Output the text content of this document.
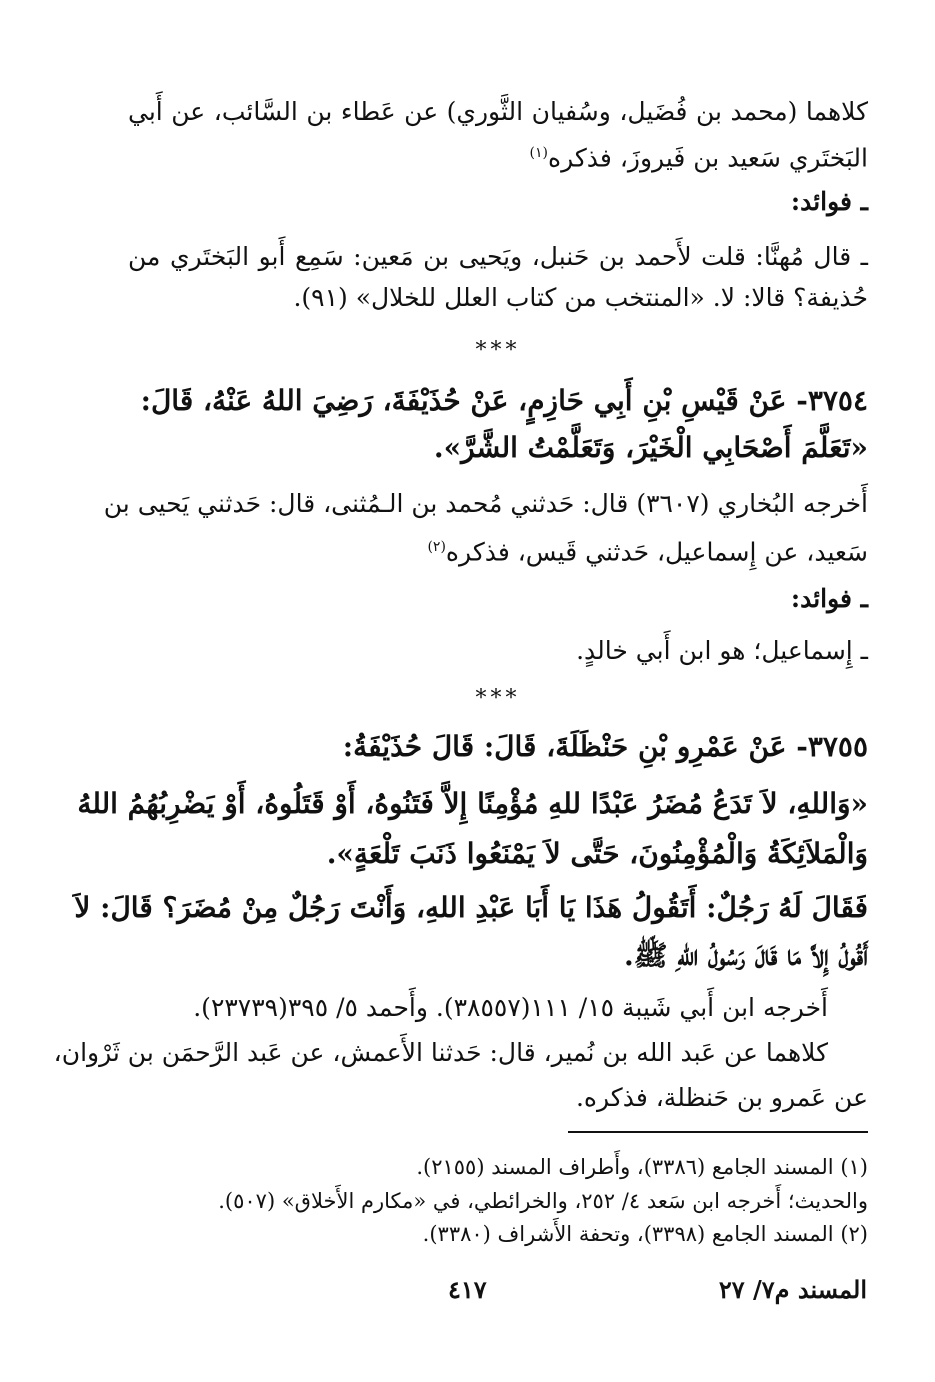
كلاهما (محمد بن فُضَيل، وسُفيان الثَّوري) عن عَطاء بن السَّائب، عن أَبي
البَختَري سَعيد بن فَيروزَ، فذكره$^{(١)}$
ـ فوائد:
ـ قال مُهنَّا: قلت لأَحمد بن حَنبل، ويَحيى بن مَعين: سَمِع أَبو البَختَري من
حُذيفة؟ قالا: لا. «المنتخب من كتاب العلل للخلال» (٩١).
***
٣٧٥٤- عَنْ قَيْسِ بْنِ أَبِي حَازِمٍ، عَنْ حُذَيْفَةَ، رَضِيَ اللهُ عَنْهُ، قَالَ:
«تَعَلَّمَ أَصْحَابِي الْخَيْرَ، وَتَعَلَّمْتُ الشَّرَّ».
أَخرجه البُخاري (٣٦٠٧) قال: حَدثني مُحمد بن الـمُثنى، قال: حَدثني يَحيى بن
سَعيد، عن إِسماعيل، حَدثني قَيس، فذكره$^{(٢)}$
ـ فوائد:
ـ إِسماعيل؛ هو ابن أَبي خالدٍ.
***
٣٧٥٥- عَنْ عَمْرِو بْنِ حَنْظَلَةَ، قَالَ: قَالَ حُذَيْفَةُ:
«وَاللهِ، لاَ تَدَعُ مُضَرُ عَبْدًا للهِ مُؤْمِنًا إِلاَّ فَتَنُوهُ، أَوْ قَتَلُوهُ، أَوْ يَضْرِبُهُمُ اللهُ
وَالْمَلاَئِكَةُ وَالْمُؤْمِنُونَ، حَتَّى لاَ يَمْنَعُوا ذَنَبَ تَلْعَةٍ».
فَقَالَ لَهُ رَجُلٌ: أَتَقُولُ هَذَا يَا أَبَا عَبْدِ اللهِ، وَأَنْتَ رَجُلٌ مِنْ مُضَرَ؟ قَالَ: لاَ
أَقُولُ إِلاَّ مَا قَالَ رَسُولُ اللهِ ﷺ.
أَخرجه ابن أَبي شَيبة ١٥/ ١١١(٣٨٥٥٧). وأَحمد ٥/ ٣٩٥(٢٣٧٣٩).
كلاهما عن عَبد الله بن نُمير، قال: حَدثنا الأَعمش، عن عَبد الرَّحمَن بن ثَرْوان،
عن عَمرو بن حَنظلة، فذكره.
(١) المسند الجامع (٣٣٨٦)، وأَطراف المسند (٢١٥٥).
والحديث؛ أَخرجه ابن سَعد ٤/ ٢٥٢، والخرائطي، في «مكارم الأَخلاق» (٥٠٧).
(٢) المسند الجامع (٣٣٩٨)، وتحفة الأَشراف (٣٣٨٠).
المسند م٧/ ٢٧
٤١٧
